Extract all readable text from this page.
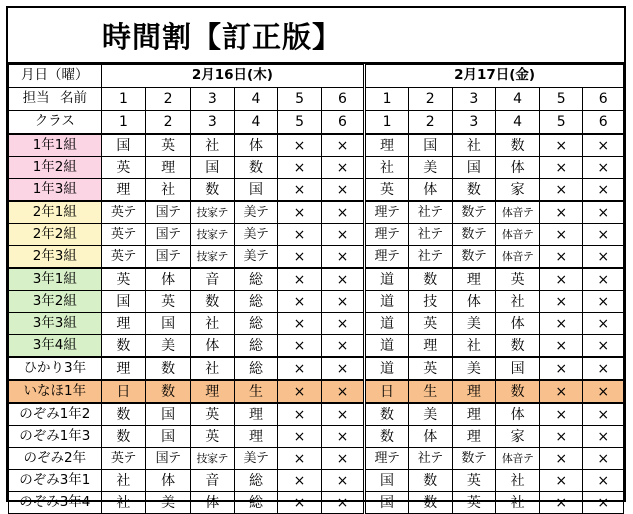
時間割【訂正版】
月日（曜）	2月16日(木)						2月17日(金)					
担当 名前	1	2	3	4	5	6	1	2	3	4	5	6
クラス	1	2	3	4	5	6	1	2	3	4	5	6
1年1組	国	英	社	体	×	×	理	国	社	数	×	×
1年2組	英	理	国	数	×	×	社	美	国	体	×	×
1年3組	理	社	数	国	×	×	英	体	数	家	×	×
2年1組	英テ	国テ	技家テ	美テ	×	×	理テ	社テ	数テ	体音テ	×	×
2年2組	英テ	国テ	技家テ	美テ	×	×	理テ	社テ	数テ	体音テ	×	×
2年3組	英テ	国テ	技家テ	美テ	×	×	理テ	社テ	数テ	体音テ	×	×
3年1組	英	体	音	総	×	×	道	数	理	英	×	×
3年2組	国	英	数	総	×	×	道	技	体	社	×	×
3年3組	理	国	社	総	×	×	道	英	美	体	×	×
3年4組	数	美	体	総	×	×	道	理	社	数	×	×
ひかり3年	理	数	社	総	×	×	道	英	美	国	×	×
いなほ1年	日	数	理	生	×	×	日	生	理	数	×	×
のぞみ1年2	数	国	英	理	×	×	数	美	理	体	×	×
のぞみ1年3	数	国	英	理	×	×	数	体	理	家	×	×
のぞみ2年	英テ	国テ	技家テ	美テ	×	×	理テ	社テ	数テ	体音テ	×	×
のぞみ3年1	社	体	音	総	×	×	国	数	英	社	×	×
のぞみ3年4	社	美	体	総	×	×	国	数	英	社	×	×
